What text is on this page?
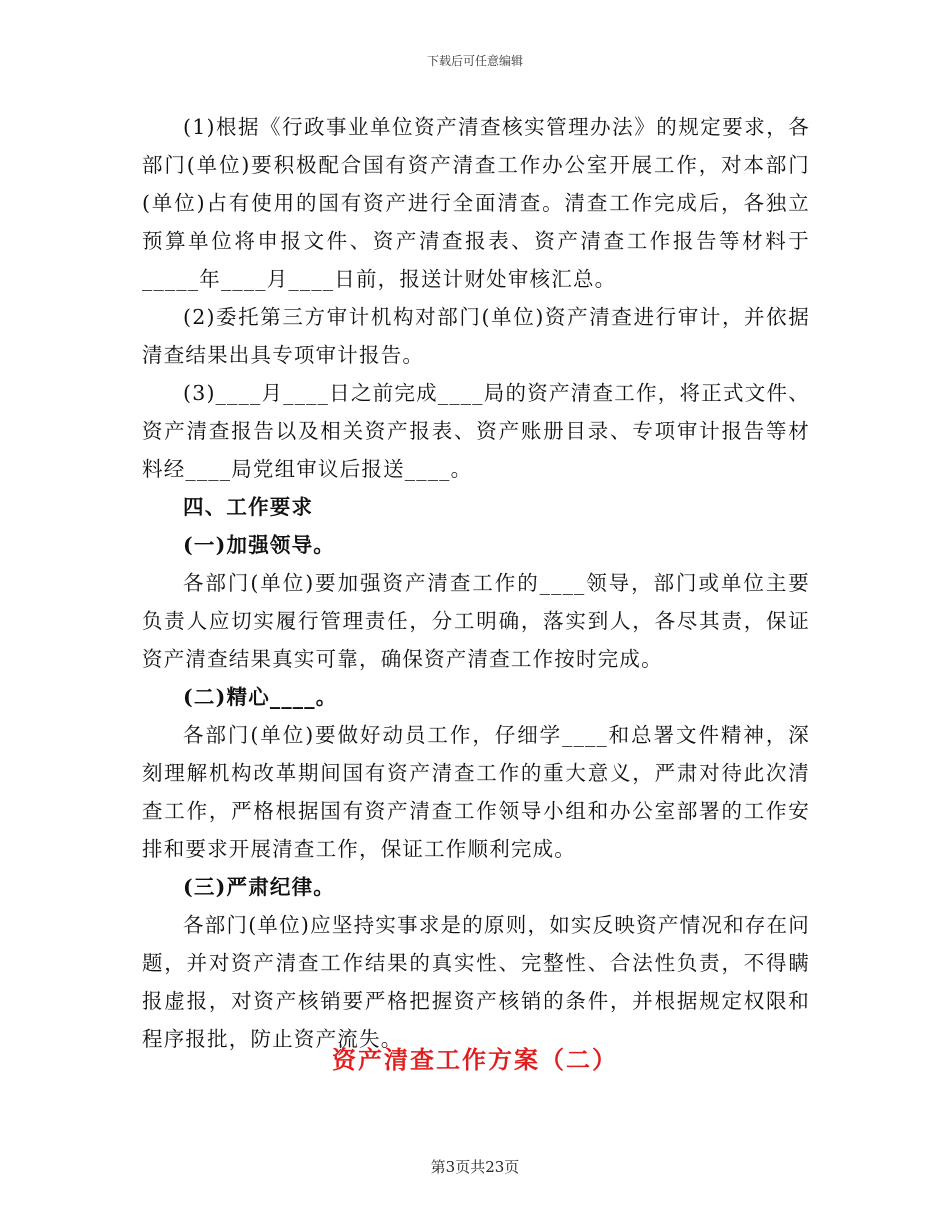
下载后可任意编辑

(1)根据《行政事业单位资产清查核实管理办法》的规定要求，各部门(单位)要积极配合国有资产清查工作办公室开展工作，对本部门(单位)占有使用的国有资产进行全面清查。清查工作完成后，各独立预算单位将申报文件、资产清查报表、资产清查工作报告等材料于_____年____月____日前，报送计财处审核汇总。

(2)委托第三方审计机构对部门(单位)资产清查进行审计，并依据清查结果出具专项审计报告。

(3)____月____日之前完成____局的资产清查工作，将正式文件、资产清查报告以及相关资产报表、资产账册目录、专项审计报告等材料经____局党组审议后报送____。

四、工作要求

(一)加强领导。

各部门(单位)要加强资产清查工作的____领导，部门或单位主要负责人应切实履行管理责任，分工明确，落实到人，各尽其责，保证资产清查结果真实可靠，确保资产清查工作按时完成。

(二)精心____。

各部门(单位)要做好动员工作，仔细学____和总署文件精神，深刻理解机构改革期间国有资产清查工作的重大意义，严肃对待此次清查工作，严格根据国有资产清查工作领导小组和办公室部署的工作安排和要求开展清查工作，保证工作顺利完成。

(三)严肃纪律。

各部门(单位)应坚持实事求是的原则，如实反映资产情况和存在问题，并对资产清查工作结果的真实性、完整性、合法性负责，不得瞒报虚报，对资产核销要严格把握资产核销的条件，并根据规定权限和程序报批，防止资产流失。

资产清查工作方案（二）
第3页共23页
